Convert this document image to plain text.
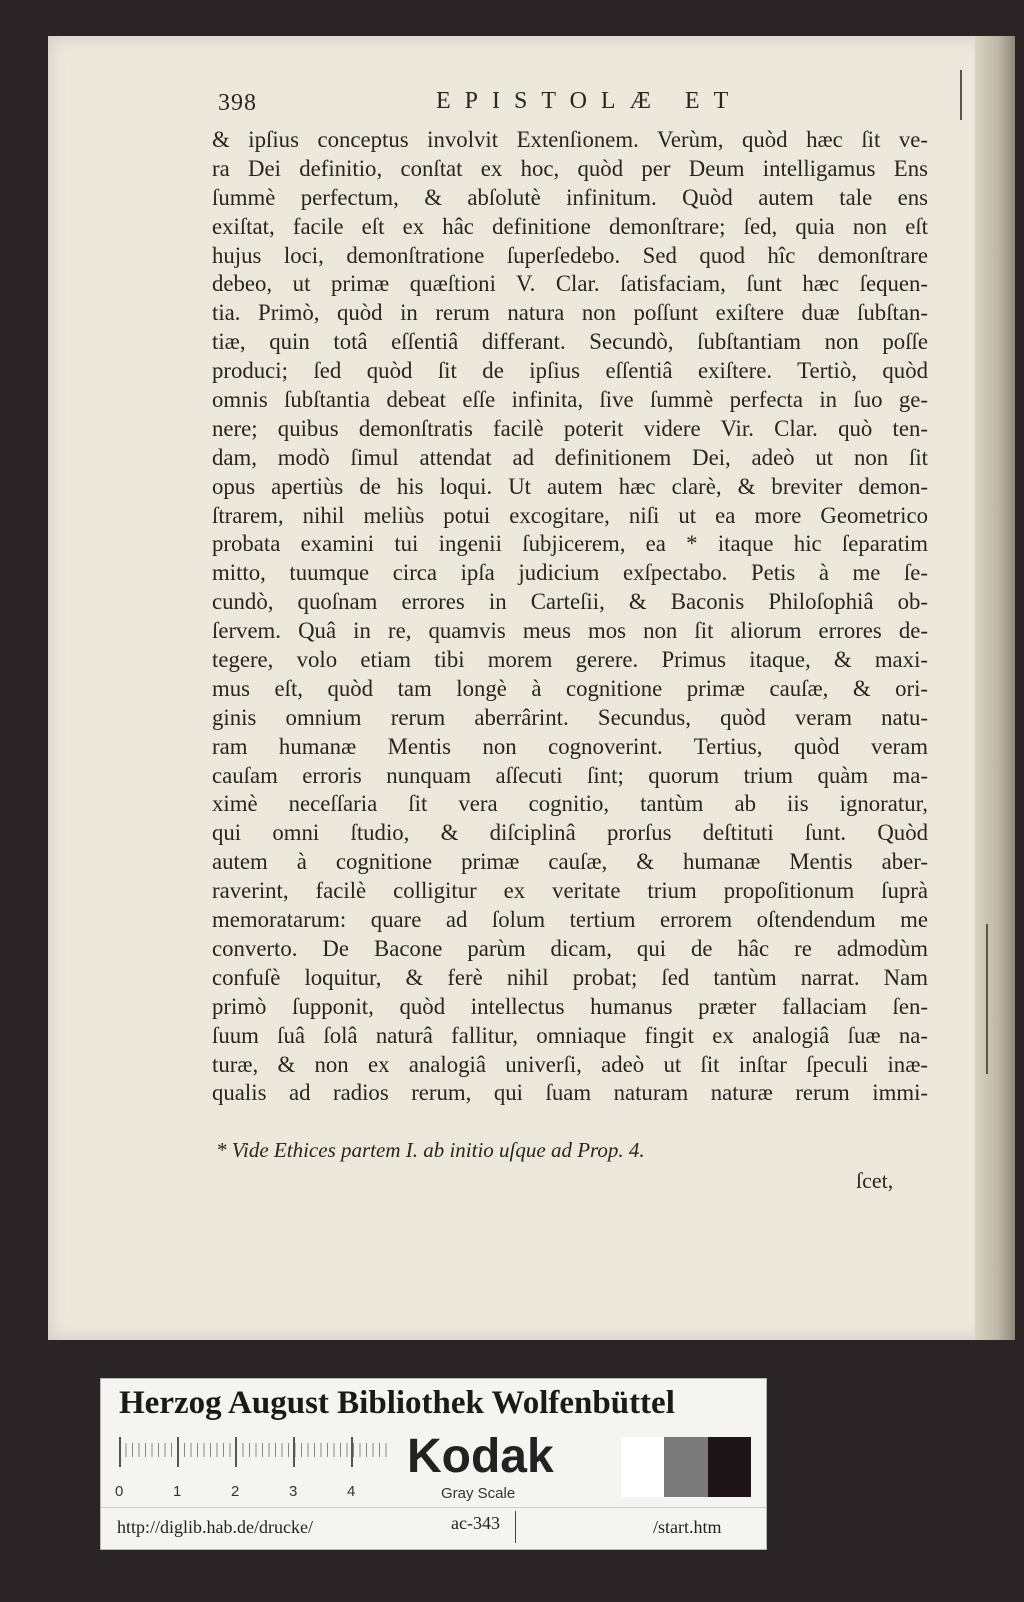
398	EPISTOLÆ ET
& ipſius conceptus involvit Extenſionem. Verùm, quòd hæc ſit ve-
ra Dei definitio, conſtat ex hoc, quòd per Deum intelligamus Ens
ſummè perfectum, & abſolutè infinitum. Quòd autem tale ens
exiſtat, facile eſt ex hâc definitione demonſtrare; ſed, quia non eſt
hujus loci, demonſtratione ſuperſedebo. Sed quod hîc demonſtrare
debeo, ut primæ quæſtioni V. Clar. ſatisfaciam, ſunt hæc ſequen-
tia. Primò, quòd in rerum natura non poſſunt exiſtere duæ ſubſtan-
tiæ, quin totâ eſſentiâ differant. Secundò, ſubſtantiam non poſſe
produci; ſed quòd ſit de ipſius eſſentiâ exiſtere. Tertiò, quòd
omnis ſubſtantia debeat eſſe infinita, ſive ſummè perfecta in ſuo ge-
nere; quibus demonſtratis facilè poterit videre Vir. Clar. quò ten-
dam, modò ſimul attendat ad definitionem Dei, adeò ut non ſit
opus apertiùs de his loqui. Ut autem hæc clarè, & breviter demon-
ſtrarem, nihil meliùs potui excogitare, niſi ut ea more Geometrico
probata examini tui ingenii ſubjicerem, ea * itaque hic ſeparatim
mitto, tuumque circa ipſa judicium exſpectabo. Petis à me ſe-
cundò, quoſnam errores in Carteſii, & Baconis Philoſophiâ ob-
ſervem. Quâ in re, quamvis meus mos non ſit aliorum errores de-
tegere, volo etiam tibi morem gerere. Primus itaque, & maxi-
mus eſt, quòd tam longè à cognitione primæ cauſæ, & ori-
ginis omnium rerum aberrârint. Secundus, quòd veram natu-
ram humanæ Mentis non cognoverint. Tertius, quòd veram
cauſam erroris nunquam aſſecuti ſint; quorum trium quàm ma-
ximè neceſſaria ſit vera cognitio, tantùm ab iis ignoratur,
qui omni ſtudio, & diſciplinâ prorſus deſtituti ſunt. Quòd
autem à cognitione primæ cauſæ, & humanæ Mentis aber-
raverint, facilè colligitur ex veritate trium propoſitionum ſuprà
memoratarum: quare ad ſolum tertium errorem oſtendendum me
converto. De Bacone parùm dicam, qui de hâc re admodùm
confuſè loquitur, & ferè nihil probat; ſed tantùm narrat. Nam
primò ſupponit, quòd intellectus humanus præter fallaciam ſen-
ſuum ſuâ ſolâ naturâ fallitur, omniaque fingit ex analogiâ ſuæ na-
turæ, & non ex analogiâ univerſi, adeò ut ſit inſtar ſpeculi inæ-
qualis ad radios rerum, qui ſuam naturam naturæ rerum immi-
* Vide Ethices partem I. ab initio uſque ad Prop. 4.
ſcet,
Herzog August Bibliothek Wolfenbüttel
0	1	2	3	4
Kodak
Gray Scale
http://diglib.hab.de/drucke/	ac-343	/start.htm
